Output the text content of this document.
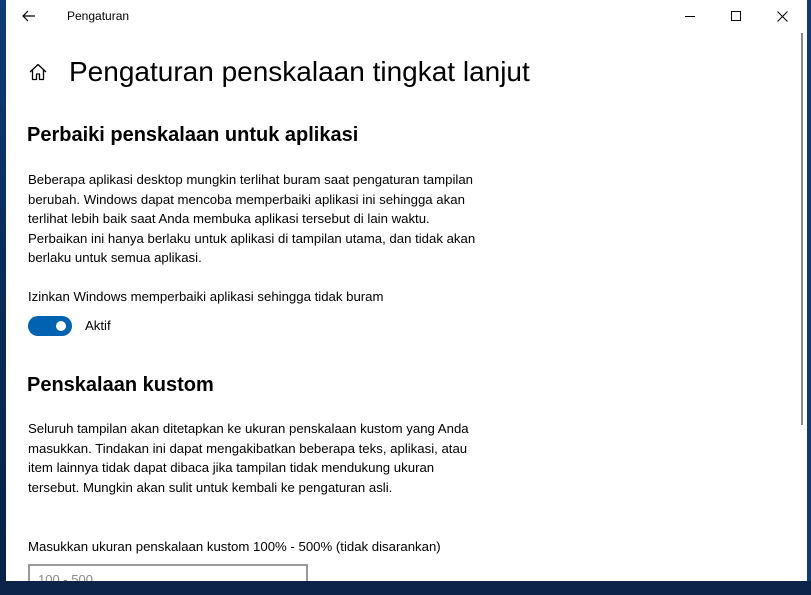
Pengaturan
Pengaturan penskalaan tingkat lanjut
Perbaiki penskalaan untuk aplikasi

Beberapa aplikasi desktop mungkin terlihat buram saat pengaturan tampilan berubah. Windows dapat mencoba memperbaiki aplikasi ini sehingga akan terlihat lebih baik saat Anda membuka aplikasi tersebut di lain waktu. Perbaikan ini hanya berlaku untuk aplikasi di tampilan utama, dan tidak akan berlaku untuk semua aplikasi.

Izinkan Windows memperbaiki aplikasi sehingga tidak buram
Aktif
Penskalaan kustom

Seluruh tampilan akan ditetapkan ke ukuran penskalaan kustom yang Anda masukkan. Tindakan ini dapat mengakibatkan beberapa teks, aplikasi, atau item lainnya tidak dapat dibaca jika tampilan tidak mendukung ukuran tersebut. Mungkin akan sulit untuk kembali ke pengaturan asli.

Masukkan ukuran penskalaan kustom 100% - 500% (tidak disarankan)
100 - 500
